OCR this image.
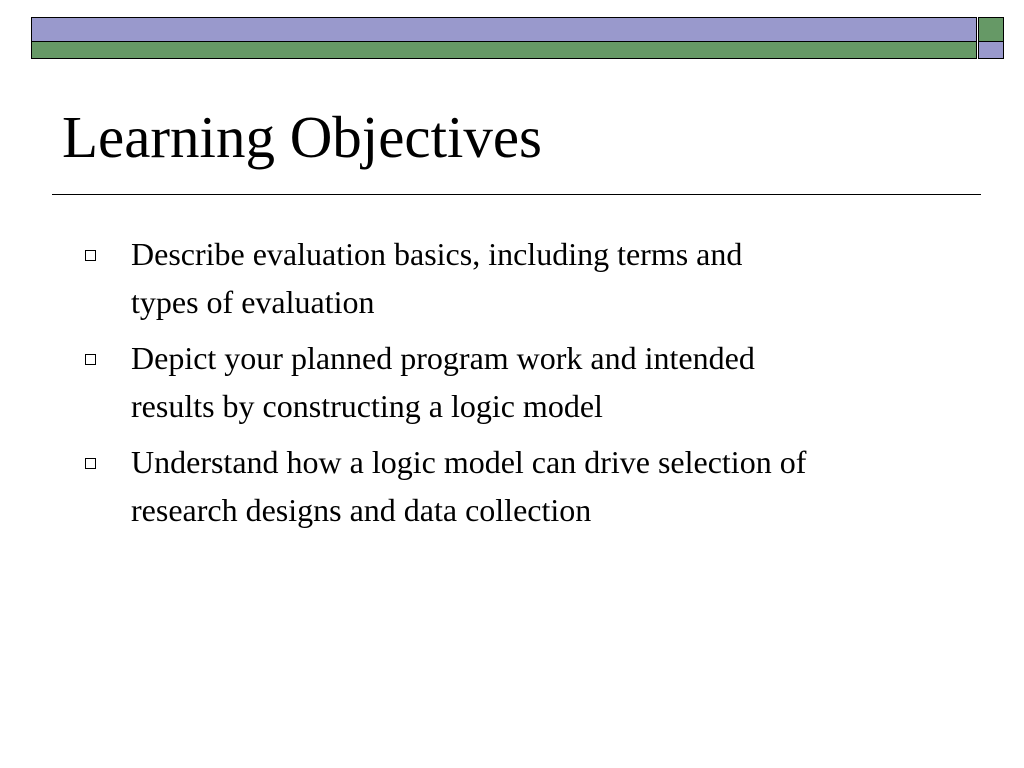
Learning Objectives
Describe evaluation basics, including terms and
types of evaluation
Depict your planned program work and intended
results by constructing a logic model
Understand how a logic model can drive selection of
research designs and data collection
